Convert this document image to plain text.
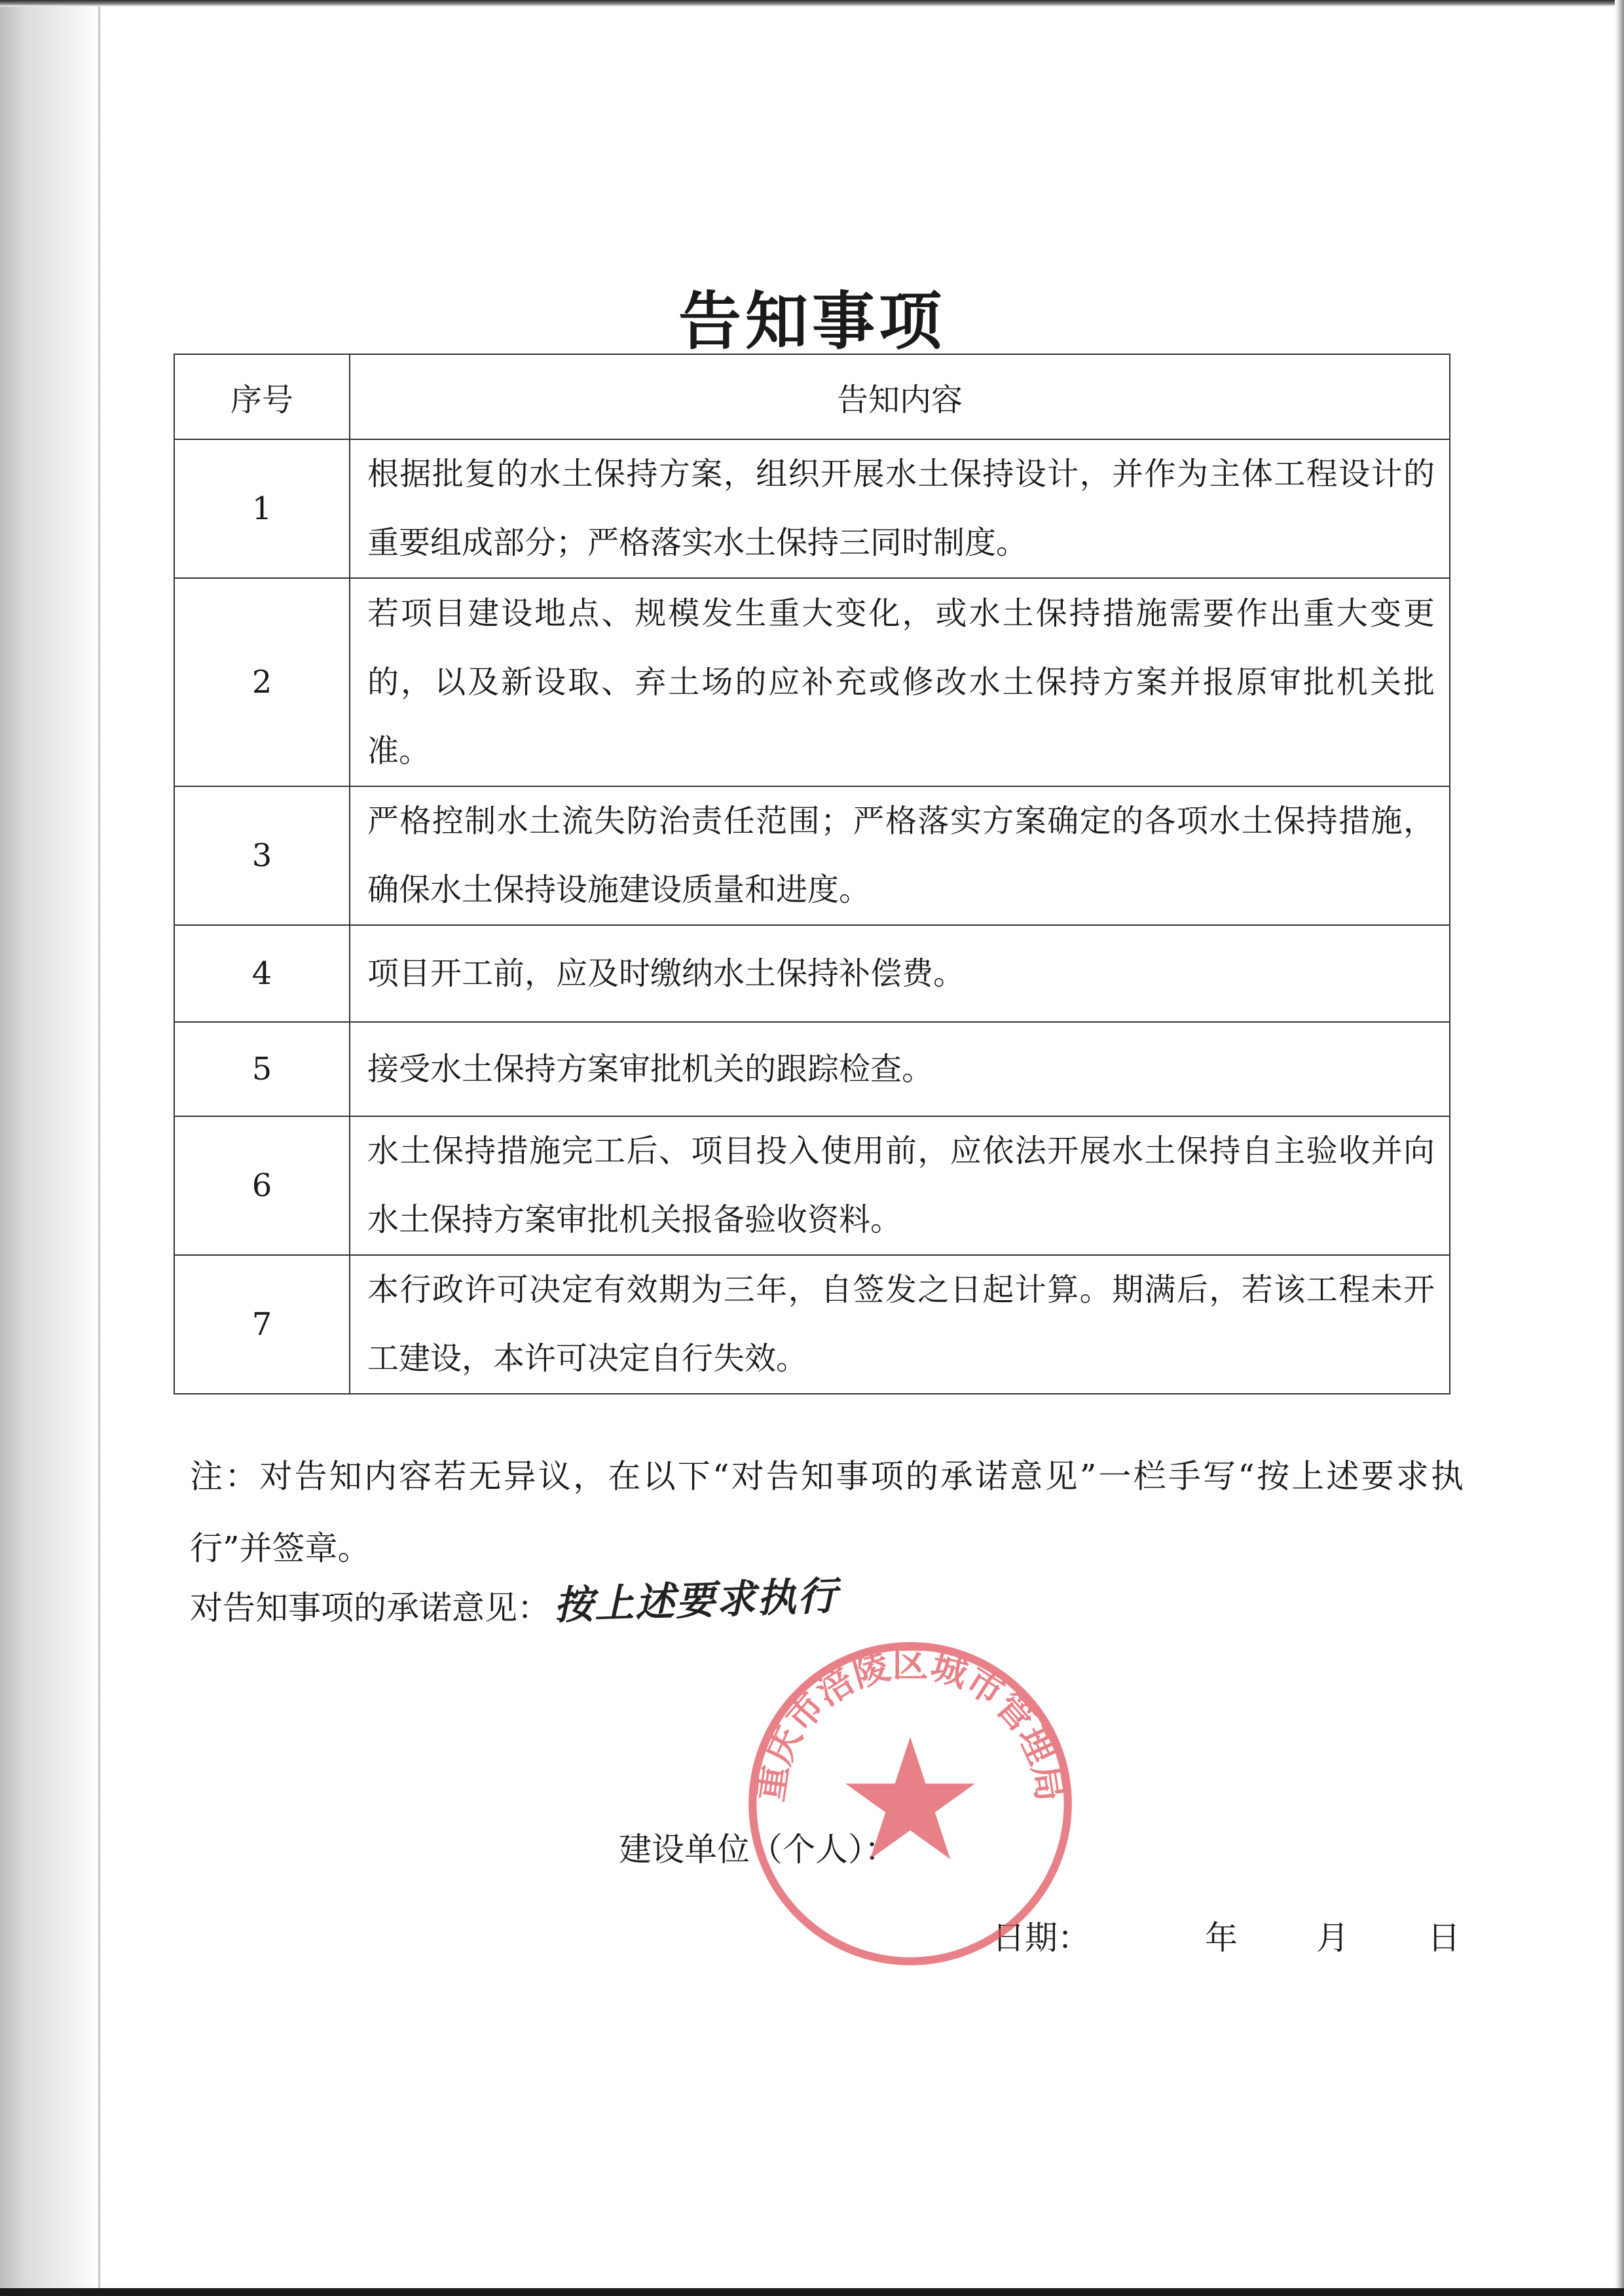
告知事项
序号	告知内容
1	根据批复的水土保持方案，组织开展水土保持设计，并作为主体工程设计的重要组成部分；严格落实水土保持三同时制度。
2	若项目建设地点、规模发生重大变化，或水土保持措施需要作出重大变更的，以及新设取、弃土场的应补充或修改水土保持方案并报原审批机关批准。
3	严格控制水土流失防治责任范围；严格落实方案确定的各项水土保持措施，确保水土保持设施建设质量和进度。
4	项目开工前，应及时缴纳水土保持补偿费。
5	接受水土保持方案审批机关的跟踪检查。
6	水土保持措施完工后、项目投入使用前，应依法开展水土保持自主验收并向水土保持方案审批机关报备验收资料。
7	本行政许可决定有效期为三年，自签发之日起计算。期满后，若该工程未开工建设，本许可决定自行失效。
注：对告知内容若无异议，在以下“对告知事项的承诺意见”一栏手写“按上述要求执行”并签章。
对告知事项的承诺意见：按上述要求执行
建设单位（个人）：
日期：	年 月 日
重庆市涪陵区城市管理局
